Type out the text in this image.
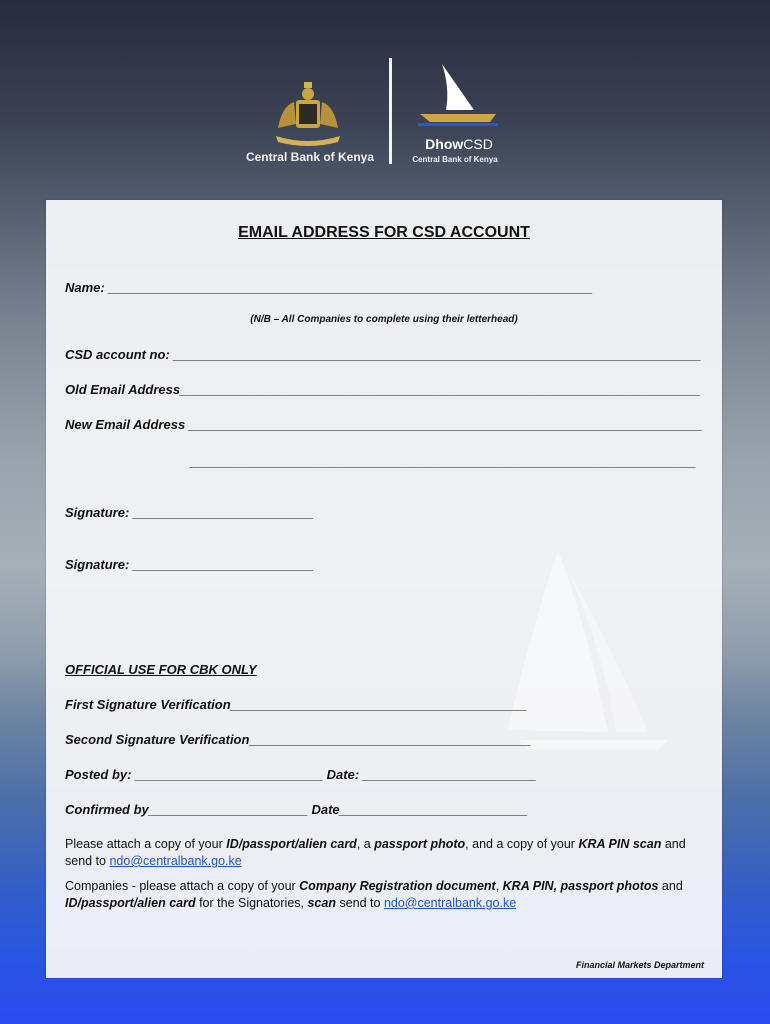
Central Bank of Kenya
DhowCSD
Central Bank of Kenya
EMAIL ADDRESS FOR CSD ACCOUNT
Name: ___________________________________________________________________
(N/B – All Companies to complete using their letterhead)
CSD account no: _________________________________________________________________________
Old Email Address________________________________________________________________________
New Email Address _______________________________________________________________________
______________________________________________________________________
Signature: _________________________
Signature: _________________________
OFFICIAL USE FOR CBK ONLY
First Signature Verification_________________________________________
Second Signature Verification_______________________________________
Posted by: __________________________ Date: ________________________
Confirmed by______________________ Date__________________________
Please attach a copy of your ID/passport/alien card, a passport photo, and a copy of your KRA PIN scan and send to ndo@centralbank.go.ke
Companies - please attach a copy of your Company Registration document, KRA PIN, passport photos and ID/passport/alien card for the Signatories, scan send to ndo@centralbank.go.ke
Financial Markets Department
